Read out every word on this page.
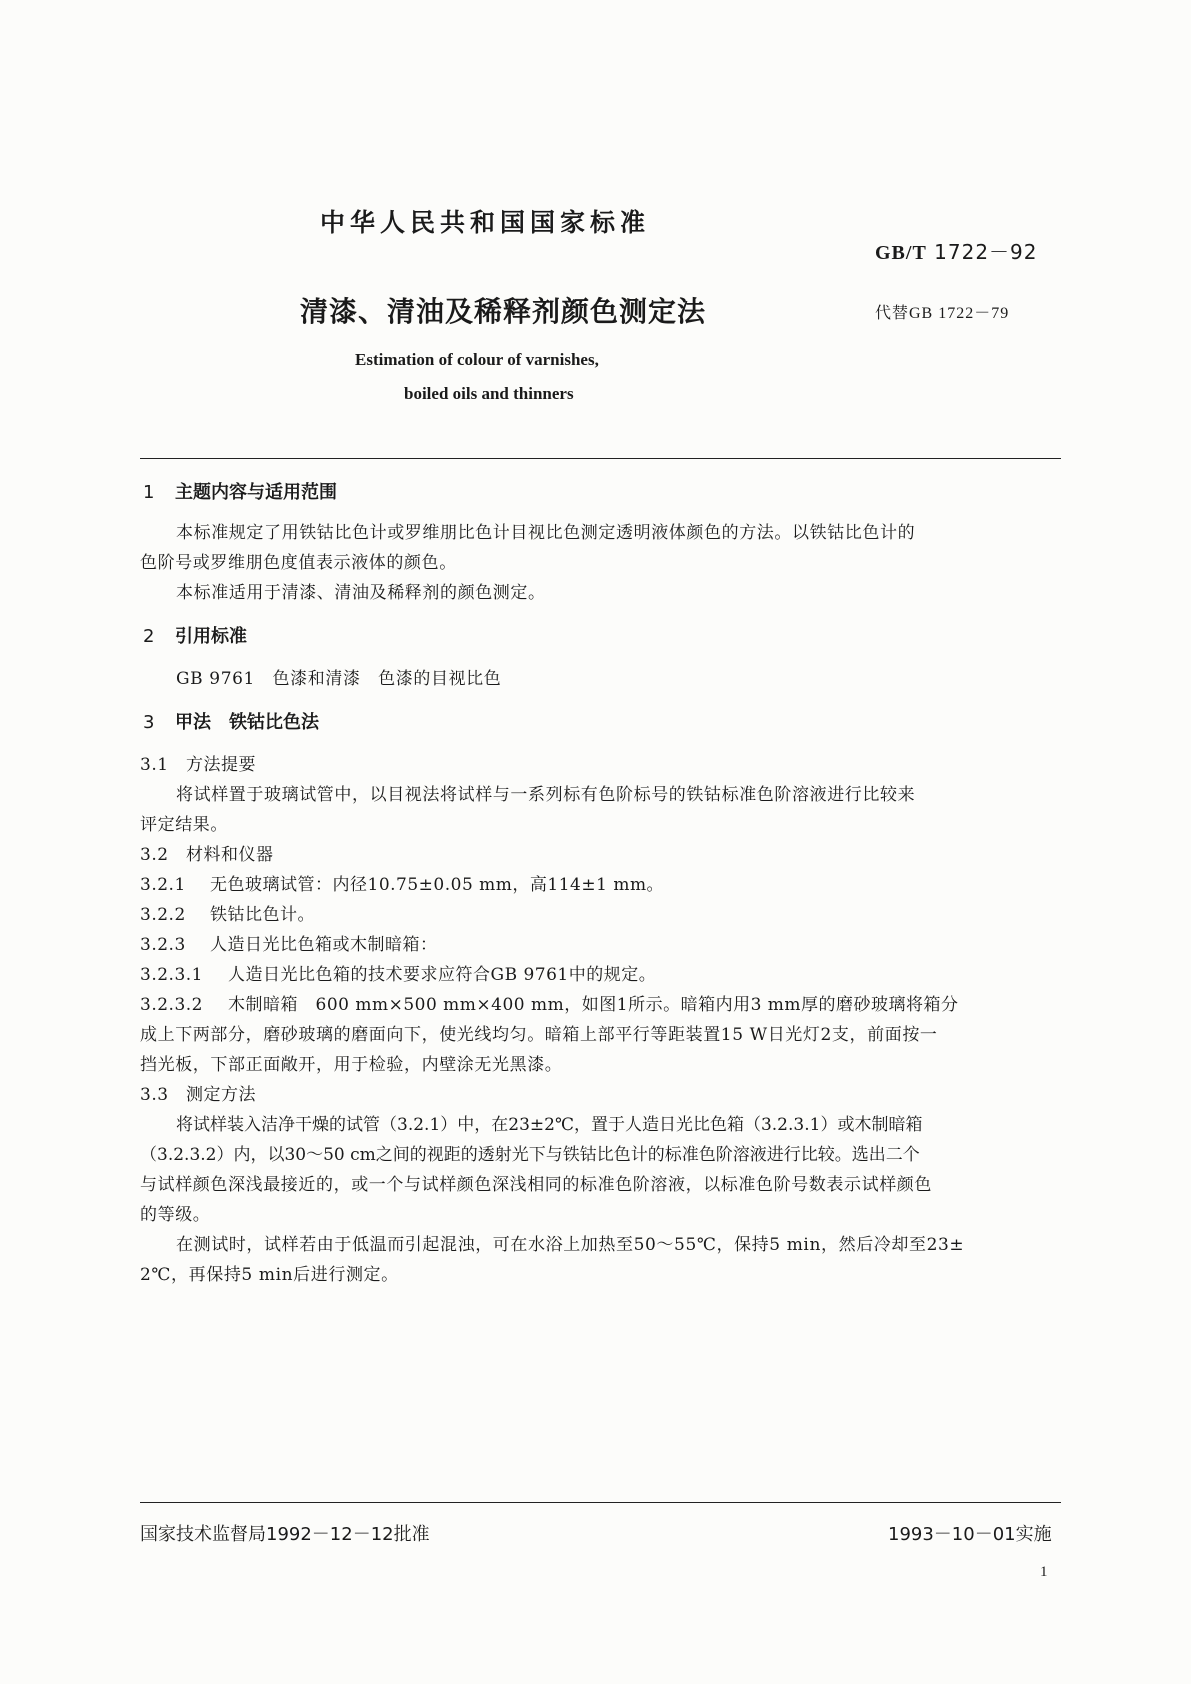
中华人民共和国国家标准
GB/T 1722－92
清漆、清油及稀释剂颜色测定法	代替GB 1722－79
Estimation of colour of varnishes,
boiled oils and thinners
1 主题内容与适用范围
本标准规定了用铁钴比色计或罗维朋比色计目视比色测定透明液体颜色的方法。以铁钴比色计的
色阶号或罗维朋色度值表示液体的颜色。
本标准适用于清漆、清油及稀释剂的颜色测定。
2 引用标准
GB 9761　色漆和清漆　色漆的目视比色
3 甲法　铁钴比色法
3.1 方法提要
将试样置于玻璃试管中，以目视法将试样与一系列标有色阶标号的铁钴标准色阶溶液进行比较来
评定结果。
3.2 材料和仪器
3.2.1 无色玻璃试管：内径10.75±0.05 mm，高114±1 mm。
3.2.2 铁钴比色计。
3.2.3 人造日光比色箱或木制暗箱：
3.2.3.1 人造日光比色箱的技术要求应符合GB 9761中的规定。
3.2.3.2 木制暗箱　600 mm×500 mm×400 mm，如图1所示。暗箱内用3 mm厚的磨砂玻璃将箱分
成上下两部分，磨砂玻璃的磨面向下，使光线均匀。暗箱上部平行等距装置15 W日光灯2支，前面按一
挡光板，下部正面敞开，用于检验，内壁涂无光黑漆。
3.3 测定方法
将试样装入洁净干燥的试管（3.2.1）中，在23±2℃，置于人造日光比色箱（3.2.3.1）或木制暗箱
（3.2.3.2）内，以30～50 cm之间的视距的透射光下与铁钴比色计的标准色阶溶液进行比较。选出二个
与试样颜色深浅最接近的，或一个与试样颜色深浅相同的标准色阶溶液，以标准色阶号数表示试样颜色
的等级。
在测试时，试样若由于低温而引起混浊，可在水浴上加热至50～55℃，保持5 min，然后冷却至23±
2℃，再保持5 min后进行测定。
国家技术监督局1992－12－12批准	1993－10－01实施
1
